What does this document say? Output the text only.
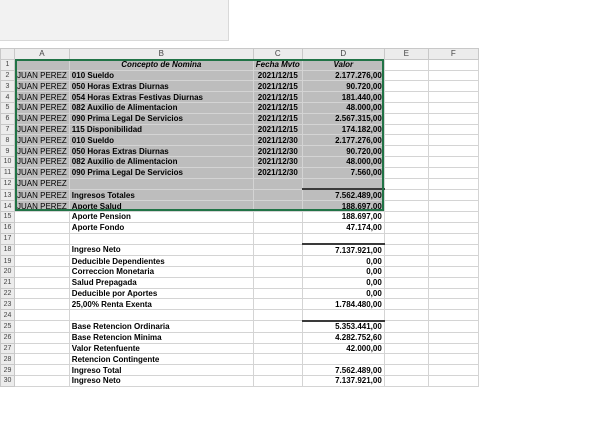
	A	B	C	D	E	F
1		Concepto de Nomina	Fecha Mvto	Valor		
2	JUAN PEREZ	010 Sueldo	2021/12/15	2.177.276,00		
3	JUAN PEREZ	050 Horas Extras Diurnas	2021/12/15	90.720,00		
4	JUAN PEREZ	054 Horas Extras Festivas Diurnas	2021/12/15	181.440,00		
5	JUAN PEREZ	082 Auxilio de Alimentacion	2021/12/15	48.000,00		
6	JUAN PEREZ	090 Prima Legal De Servicios	2021/12/15	2.567.315,00		
7	JUAN PEREZ	115 Disponibilidad	2021/12/15	174.182,00		
8	JUAN PEREZ	010 Sueldo	2021/12/30	2.177.276,00		
9	JUAN PEREZ	050 Horas Extras Diurnas	2021/12/30	90.720,00		
10	JUAN PEREZ	082 Auxilio de Alimentacion	2021/12/30	48.000,00		
11	JUAN PEREZ	090 Prima Legal De Servicios	2021/12/30	7.560,00		
12	JUAN PEREZ					
13	JUAN PEREZ	Ingresos Totales		7.562.489,00		
14	JUAN PEREZ	Aporte Salud		188.697,00		
15		Aporte Pension		188.697,00		
16		Aporte Fondo		47.174,00		
17						
18		Ingreso Neto		7.137.921,00		
19		Deducible Dependientes		0,00		
20		Correccion Monetaria		0,00		
21		Salud Prepagada		0,00		
22		Deducible por Aportes		0,00		
23		25,00% Renta Exenta		1.784.480,00		
24						
25		Base Retencion Ordinaria		5.353.441,00		
26		Base Retencion Minima		4.282.752,60		
27		Valor Retenfuente		42.000,00		
28		Retencion Contingente				
29		Ingreso Total		7.562.489,00		
30		Ingreso Neto		7.137.921,00		
